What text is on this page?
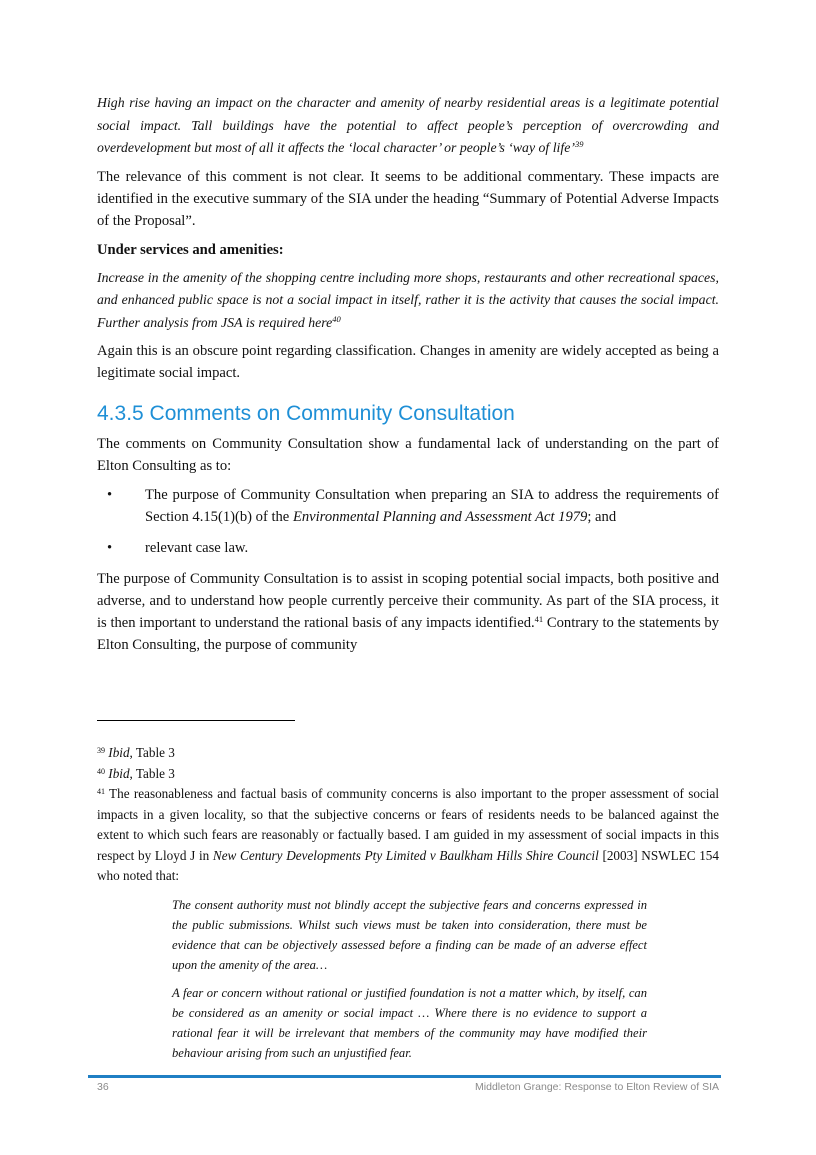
High rise having an impact on the character and amenity of nearby residential areas is a legitimate potential social impact. Tall buildings have the potential to affect people’s perception of overcrowding and overdevelopment but most of all it affects the ‘local character’ or people’s ‘way of life’$^{39}$

The relevance of this comment is not clear. It seems to be additional commentary. These impacts are identified in the executive summary of the SIA under the heading “Summary of Potential Adverse Impacts of the Proposal”.

Under services and amenities:

Increase in the amenity of the shopping centre including more shops, restaurants and other recreational spaces, and enhanced public space is not a social impact in itself, rather it is the activity that causes the social impact. Further analysis from JSA is required here$^{40}$

Again this is an obscure point regarding classification. Changes in amenity are widely accepted as being a legitimate social impact.

4.3.5 Comments on Community Consultation

The comments on Community Consultation show a fundamental lack of understanding on the part of Elton Consulting as to:

• The purpose of Community Consultation when preparing an SIA to address the requirements of Section 4.15(1)(b) of the Environmental Planning and Assessment Act 1979; and
• relevant case law.

The purpose of Community Consultation is to assist in scoping potential social impacts, both positive and adverse, and to understand how people currently perceive their community. As part of the SIA process, it is then important to understand the rational basis of any impacts identified.$^{41}$ Contrary to the statements by Elton Consulting, the purpose of community

$^{39}$ Ibid, Table 3

$^{40}$ Ibid, Table 3

$^{41}$ The reasonableness and factual basis of community concerns is also important to the proper assessment of social impacts in a given locality, so that the subjective concerns or fears of residents needs to be balanced against the extent to which such fears are reasonably or factually based. I am guided in my assessment of social impacts in this respect by Lloyd J in New Century Developments Pty Limited v Baulkham Hills Shire Council [2003] NSWLEC 154 who noted that:

The consent authority must not blindly accept the subjective fears and concerns expressed in the public submissions. Whilst such views must be taken into consideration, there must be evidence that can be objectively assessed before a finding can be made of an adverse effect upon the amenity of the area…

A fear or concern without rational or justified foundation is not a matter which, by itself, can be considered as an amenity or social impact … Where there is no evidence to support a rational fear it will be irrelevant that members of the community may have modified their behaviour arising from such an unjustified fear.

36	Middleton Grange: Response to Elton Review of SIA
